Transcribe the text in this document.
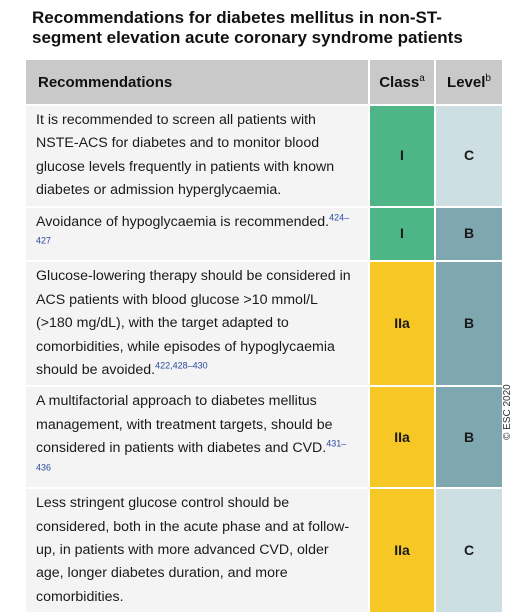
Recommendations for diabetes mellitus in non-ST-segment elevation acute coronary syndrome patients
Recommendations	Class$^a$	Level$^b$
It is recommended to screen all patients with NSTE-ACS for diabetes and to monitor blood glucose levels frequently in patients with known diabetes or admission hyperglycaemia.	I	C
Avoidance of hypoglycaemia is recommended.$^{424-427}$	I	B
Glucose-lowering therapy should be considered in ACS patients with blood glucose >10 mmol/L (>180 mg/dL), with the target adapted to comorbidities, while episodes of hypoglycaemia should be avoided.$^{422,428-430}$	IIa	B
A multifactorial approach to diabetes mellitus management, with treatment targets, should be considered in patients with diabetes and CVD.$^{431-436}$	IIa	B
Less stringent glucose control should be considered, both in the acute phase and at follow-up, in patients with more advanced CVD, older age, longer diabetes duration, and more comorbidities.	IIa	C
© ESC 2020
